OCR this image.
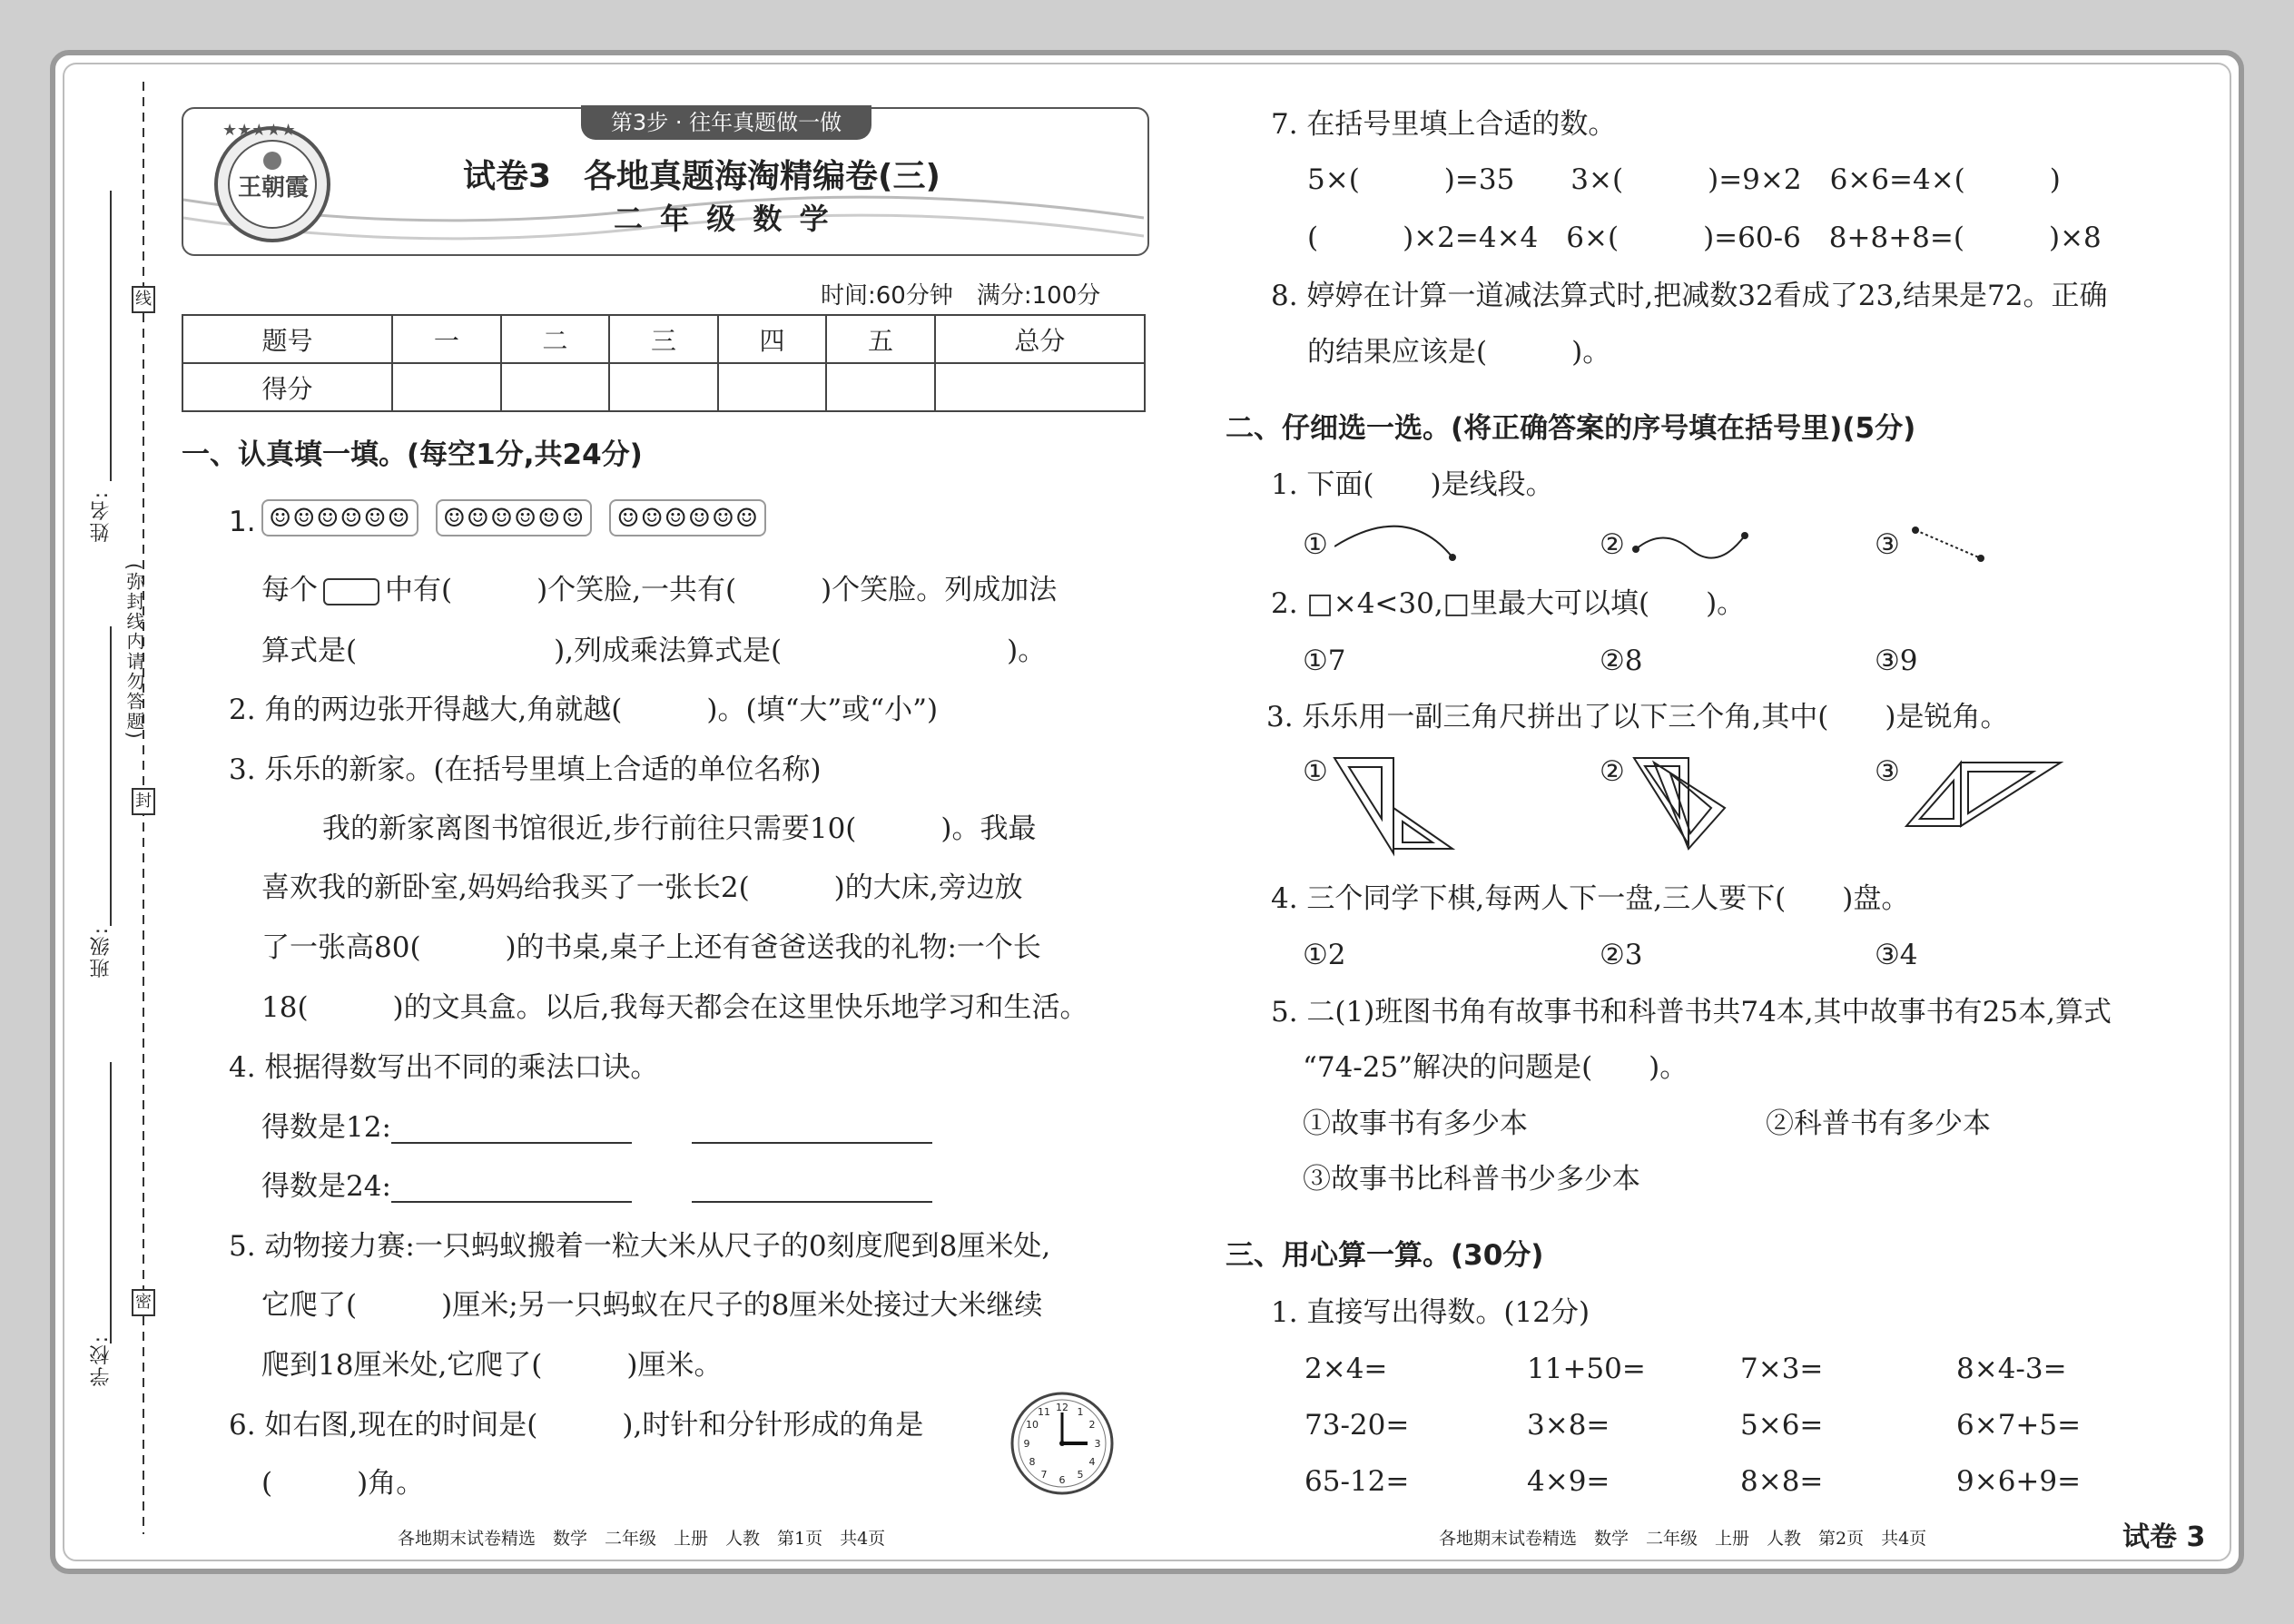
姓名:
班级:
学校:
(弥封线内请勿答题)
线
封
密
第3步 · 往年真题做一做
★★★★★
王朝霞	试卷3　各地真题海淘精编卷(三)
二 年 级 数 学
时间:60分钟　满分:100分
题号	一	二	三	四	五	总分
得分						
一、认真填一填。(每空1分,共24分)
1. ☺☺☺☺☺☺ ☺☺☺☺☺☺ ☺☺☺☺☺☺
每个 中有(　　　)个笑脸,一共有(　　　)个笑脸。列成加法
算式是(　　　　　　　),列成乘法算式是(　　　　　　　　)。
2. 角的两边张开得越大,角就越(　　　)。(填“大”或“小”)
3. 乐乐的新家。(在括号里填上合适的单位名称)
我的新家离图书馆很近,步行前往只需要10(　　　)。我最
喜欢我的新卧室,妈妈给我买了一张长2(　　　)的大床,旁边放
了一张高80(　　　)的书桌,桌子上还有爸爸送我的礼物:一个长
18(　　　)的文具盒。以后,我每天都会在这里快乐地学习和生活。
4. 根据得数写出不同的乘法口诀。
得数是12:
得数是24:
5. 动物接力赛:一只蚂蚁搬着一粒大米从尺子的0刻度爬到8厘米处,
它爬了(　　　)厘米;另一只蚂蚁在尺子的8厘米处接过大米继续
爬到18厘米处,它爬了(　　　)厘米。
6. 如右图,现在的时间是(　　　),时针和分针形成的角是
(　　　)角。
12 1
2
3
4
5
6
7
8
9
10
11
各地期末试卷精选　数学　二年级　上册　人教　第1页　共4页
7. 在括号里填上合适的数。
5×(　　　)=35　　3×(　　　)=9×2　6×6=4×(　　　)
(　　　)×2=4×4　6×(　　　)=60-6　8+8+8=(　　　)×8
8. 婷婷在计算一道减法算式时,把减数32看成了23,结果是72。正确
的结果应该是(　　　)。
二、仔细选一选。(将正确答案的序号填在括号里)(5分)
1. 下面(　　)是线段。
①	②	③
2. □×4<30,□里最大可以填(　　)。
①7	②8	③9
3. 乐乐用一副三角尺拼出了以下三个角,其中(　　)是锐角。
①	②	③
4. 三个同学下棋,每两人下一盘,三人要下(　　)盘。
①2	②3	③4
5. 二(1)班图书角有故事书和科普书共74本,其中故事书有25本,算式
“74-25”解决的问题是(　　)。
①故事书有多少本	②科普书有多少本
③故事书比科普书少多少本
三、用心算一算。(30分)
1. 直接写出得数。(12分)
2×4=	11+50=	7×3=	8×4-3=
73-20=	3×8=	5×6=	6×7+5=
65-12=	4×9=	8×8=	9×6+9=
各地期末试卷精选　数学　二年级　上册　人教　第2页　共4页	试卷 3
